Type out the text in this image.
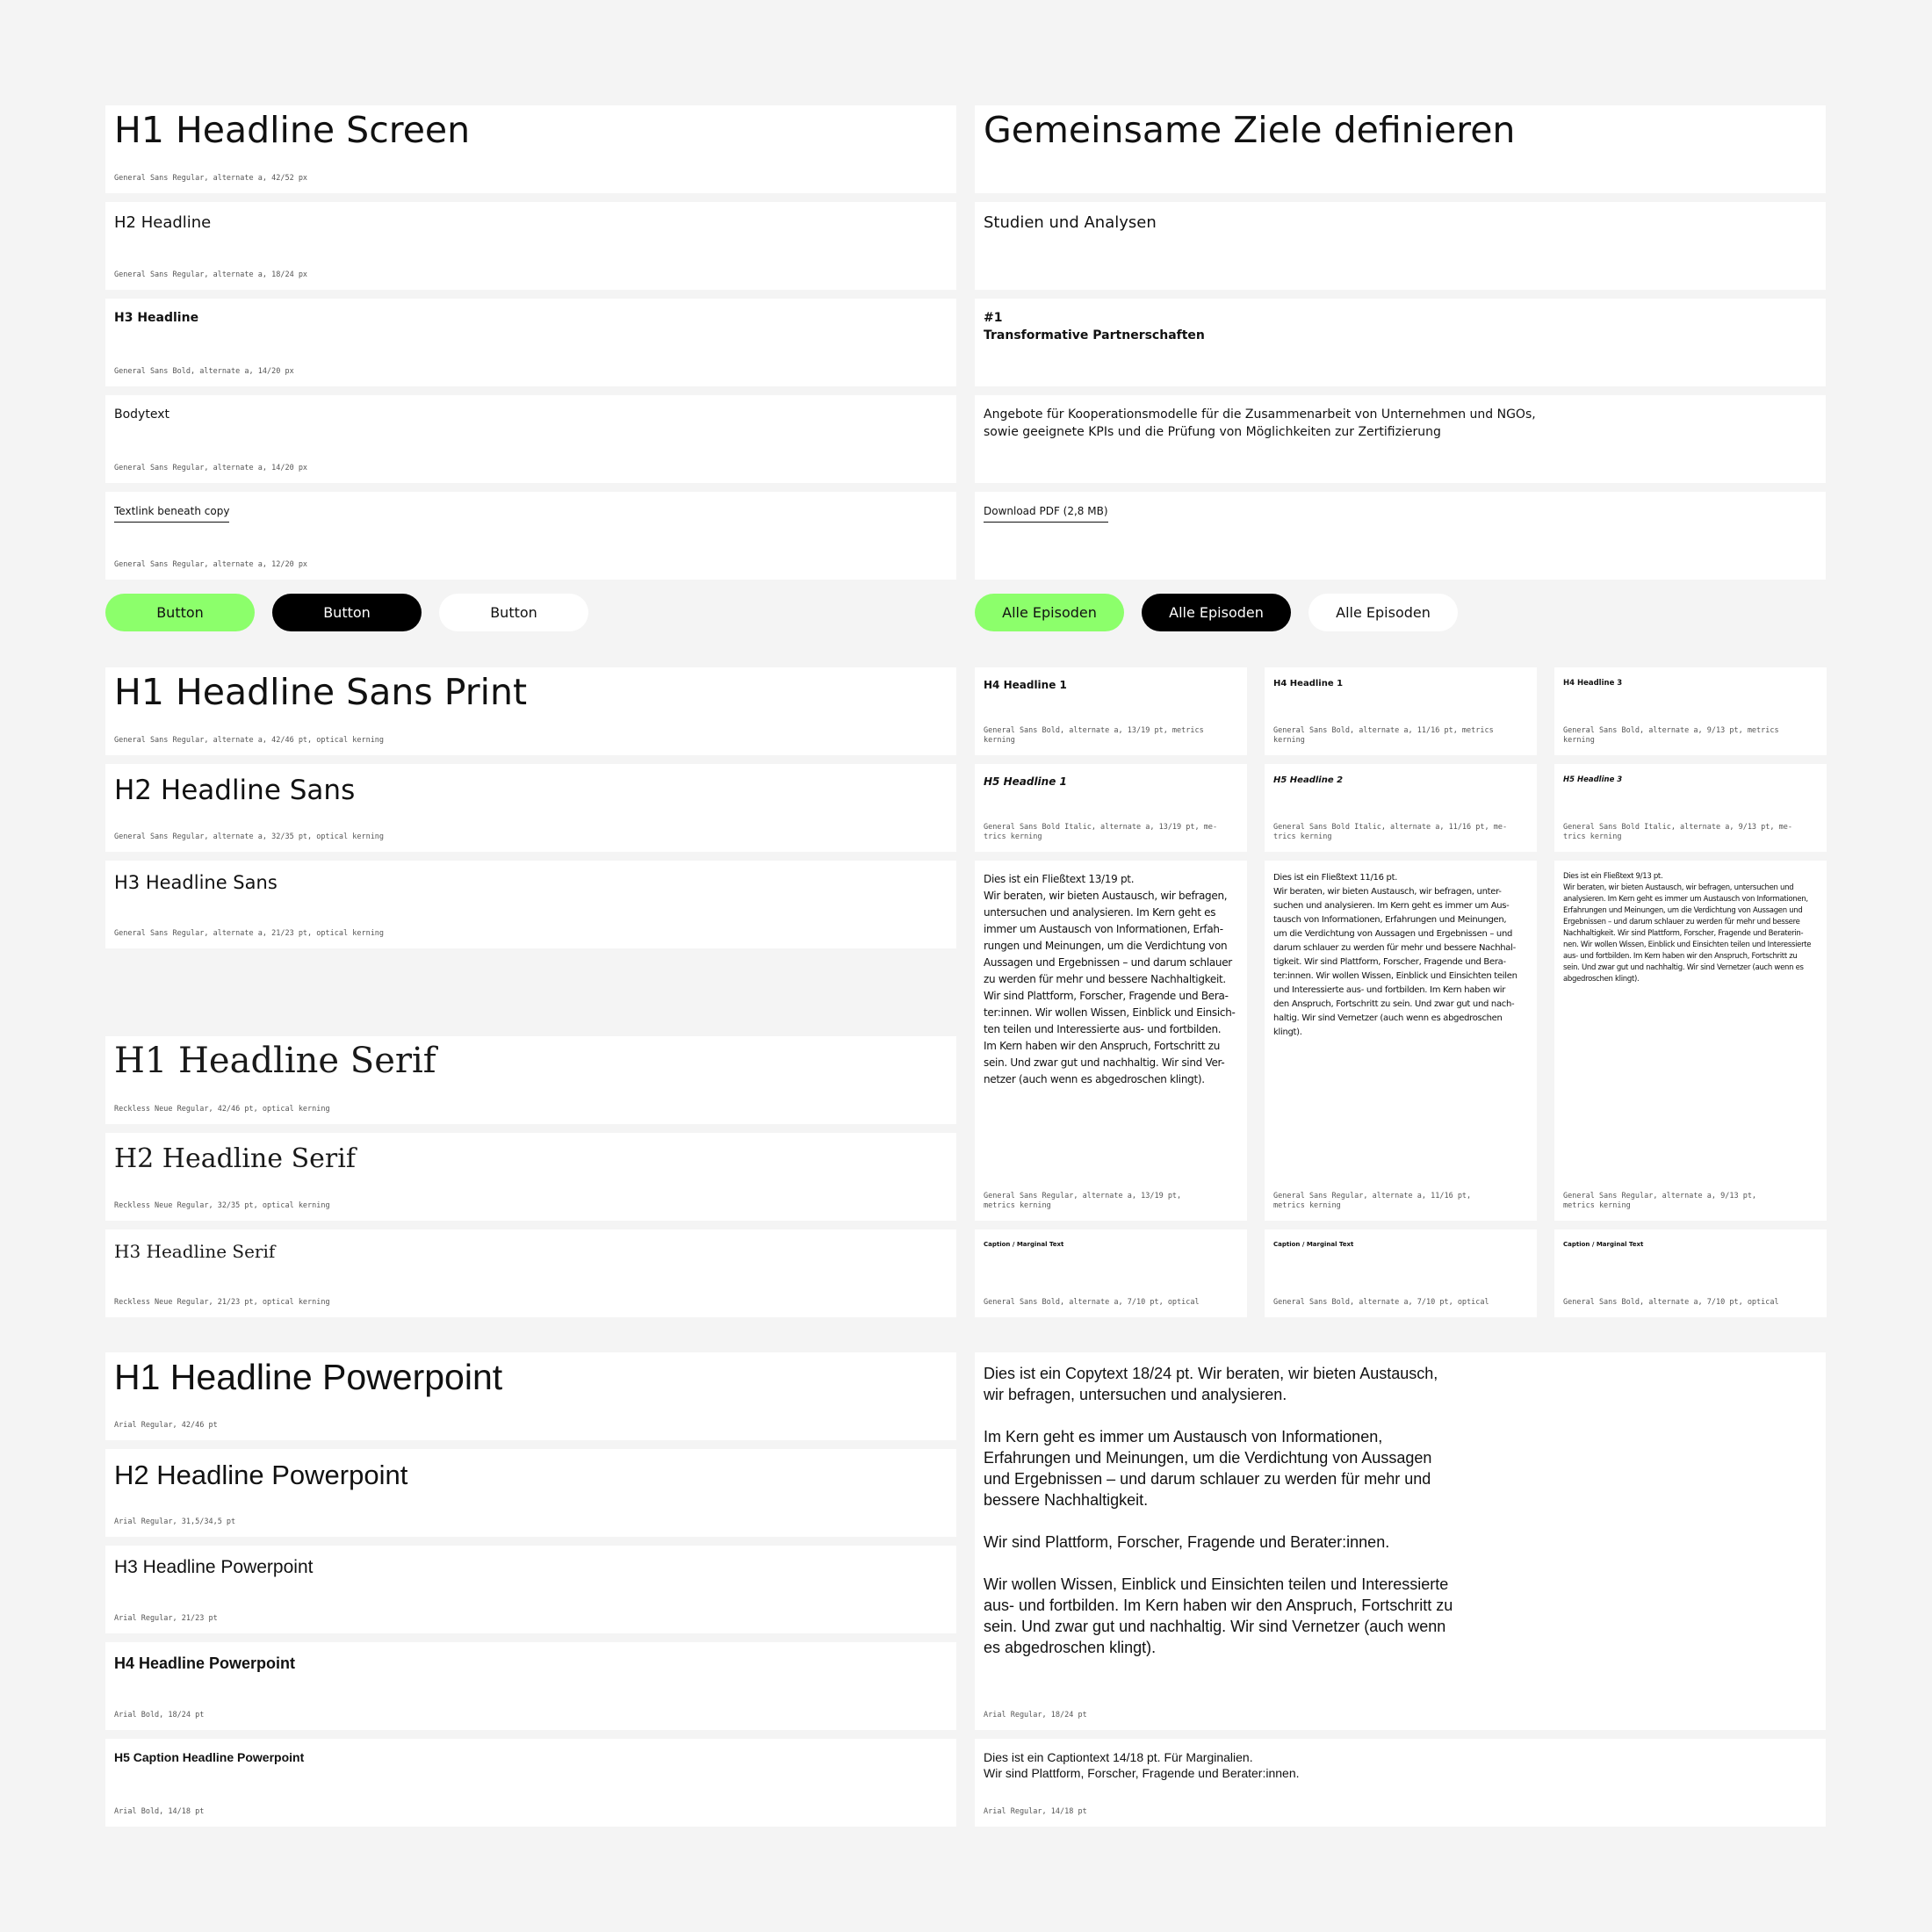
H1 Headline Screen
General Sans Regular, alternate a, 42/52 px
H2 Headline
General Sans Regular, alternate a, 18/24 px
H3 Headline
General Sans Bold, alternate a, 14/20 px
Bodytext
General Sans Regular, alternate a, 14/20 px
Textlink beneath copy
General Sans Regular, alternate a, 12/20 px
Button	Button	Button
Gemeinsame Ziele definieren
Studien und Analysen
#1
Transformative Partnerschaften
Angebote für Kooperationsmodelle für die Zusammenarbeit von Unternehmen und NGOs,
sowie geeignete KPIs und die Prüfung von Möglichkeiten zur Zertifizierung
Download PDF (2,8 MB)
Alle Episoden	Alle Episoden	Alle Episoden
H1 Headline Sans Print
General Sans Regular, alternate a, 42/46 pt, optical kerning
H2 Headline Sans
General Sans Regular, alternate a, 32/35 pt, optical kerning
H3 Headline Sans
General Sans Regular, alternate a, 21/23 pt, optical kerning
H1 Headline Serif
Reckless Neue Regular, 42/46 pt, optical kerning
H2 Headline Serif
Reckless Neue Regular, 32/35 pt, optical kerning
H3 Headline Serif
Reckless Neue Regular, 21/23 pt, optical kerning
H4 Headline 1
General Sans Bold, alternate a, 13/19 pt, metrics
kerning
H5 Headline 1
General Sans Bold Italic, alternate a, 13/19 pt, me-
trics kerning
Dies ist ein Fließtext 13/19 pt.
Wir beraten, wir bieten Austausch, wir befragen,
untersuchen und analysieren. Im Kern geht es
immer um Austausch von Informationen, Erfah-
rungen und Meinungen, um die Verdichtung von
Aussagen und Ergebnissen – und darum schlauer
zu werden für mehr und bessere Nachhaltigkeit.
Wir sind Plattform, Forscher, Fragende und Bera-
ter:innen. Wir wollen Wissen, Einblick und Einsich-
ten teilen und Interessierte aus- und fortbilden.
Im Kern haben wir den Anspruch, Fortschritt zu
sein. Und zwar gut und nachhaltig. Wir sind Ver-
netzer (auch wenn es abgedroschen klingt).
General Sans Regular, alternate a, 13/19 pt,
metrics kerning
Caption / Marginal Text
General Sans Bold, alternate a, 7/10 pt, optical
H4 Headline 1
General Sans Bold, alternate a, 11/16 pt, metrics
kerning
H5 Headline 2
General Sans Bold Italic, alternate a, 11/16 pt, me-
trics kerning
Dies ist ein Fließtext 11/16 pt.
Wir beraten, wir bieten Austausch, wir befragen, unter-
suchen und analysieren. Im Kern geht es immer um Aus-
tausch von Informationen, Erfahrungen und Meinungen,
um die Verdichtung von Aussagen und Ergebnissen – und
darum schlauer zu werden für mehr und bessere Nachhal-
tigkeit. Wir sind Plattform, Forscher, Fragende und Bera-
ter:innen. Wir wollen Wissen, Einblick und Einsichten teilen
und Interessierte aus- und fortbilden. Im Kern haben wir
den Anspruch, Fortschritt zu sein. Und zwar gut und nach-
haltig. Wir sind Vernetzer (auch wenn es abgedroschen
klingt).
General Sans Regular, alternate a, 11/16 pt,
metrics kerning
Caption / Marginal Text
General Sans Bold, alternate a, 7/10 pt, optical
H4 Headline 3
General Sans Bold, alternate a, 9/13 pt, metrics
kerning
H5 Headline 3
General Sans Bold Italic, alternate a, 9/13 pt, me-
trics kerning
Dies ist ein Fließtext 9/13 pt.
Wir beraten, wir bieten Austausch, wir befragen, untersuchen und
analysieren. Im Kern geht es immer um Austausch von Informationen,
Erfahrungen und Meinungen, um die Verdichtung von Aussagen und
Ergebnissen – und darum schlauer zu werden für mehr und bessere
Nachhaltigkeit. Wir sind Plattform, Forscher, Fragende und Beraterin-
nen. Wir wollen Wissen, Einblick und Einsichten teilen und Interessierte
aus- und fortbilden. Im Kern haben wir den Anspruch, Fortschritt zu
sein. Und zwar gut und nachhaltig. Wir sind Vernetzer (auch wenn es
abgedroschen klingt).
General Sans Regular, alternate a, 9/13 pt,
metrics kerning
Caption / Marginal Text
General Sans Bold, alternate a, 7/10 pt, optical
H1 Headline Powerpoint
Arial Regular, 42/46 pt
H2 Headline Powerpoint
Arial Regular, 31,5/34,5 pt
H3 Headline Powerpoint
Arial Regular, 21/23 pt
H4 Headline Powerpoint
Arial Bold, 18/24 pt
H5 Caption Headline Powerpoint
Arial Bold, 14/18 pt
Dies ist ein Copytext 18/24 pt. Wir beraten, wir bieten Austausch,
wir befragen, untersuchen und analysieren.

Im Kern geht es immer um Austausch von Informationen,
Erfahrungen und Meinungen, um die Verdichtung von Aussagen
und Ergebnissen – und darum schlauer zu werden für mehr und
bessere Nachhaltigkeit.

Wir sind Plattform, Forscher, Fragende und Berater:innen.

Wir wollen Wissen, Einblick und Einsichten teilen und Interessierte
aus- und fortbilden. Im Kern haben wir den Anspruch, Fortschritt zu
sein. Und zwar gut und nachhaltig. Wir sind Vernetzer (auch wenn
es abgedroschen klingt).
Arial Regular, 18/24 pt
Dies ist ein Captiontext 14/18 pt. Für Marginalien.
Wir sind Plattform, Forscher, Fragende und Berater:innen.
Arial Regular, 14/18 pt
